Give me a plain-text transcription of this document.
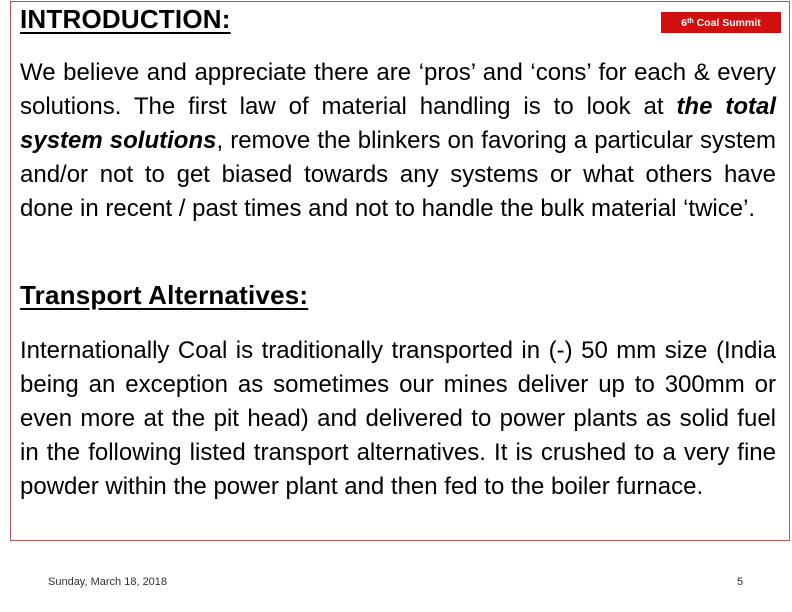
INTRODUCTION:	6th
Coal Summit

We believe and appreciate there are ‘pros’ and ‘cons’ for each & every solutions. The first law of material handling is to look at the total system solutions, remove the blinkers on favoring a particular system and/or not to get biased towards any systems or what others have done in recent / past times and not to handle the bulk material ‘twice’.

Transport Alternatives:

Internationally Coal is traditionally transported in (-) 50 mm size (India being an exception as sometimes our mines deliver up to 300mm or even more at the pit head) and delivered to power plants as solid fuel in the following listed transport alternatives. It is crushed to a very fine powder within the power plant and then fed to the boiler furnace.

Sunday, March 18, 2018	5
